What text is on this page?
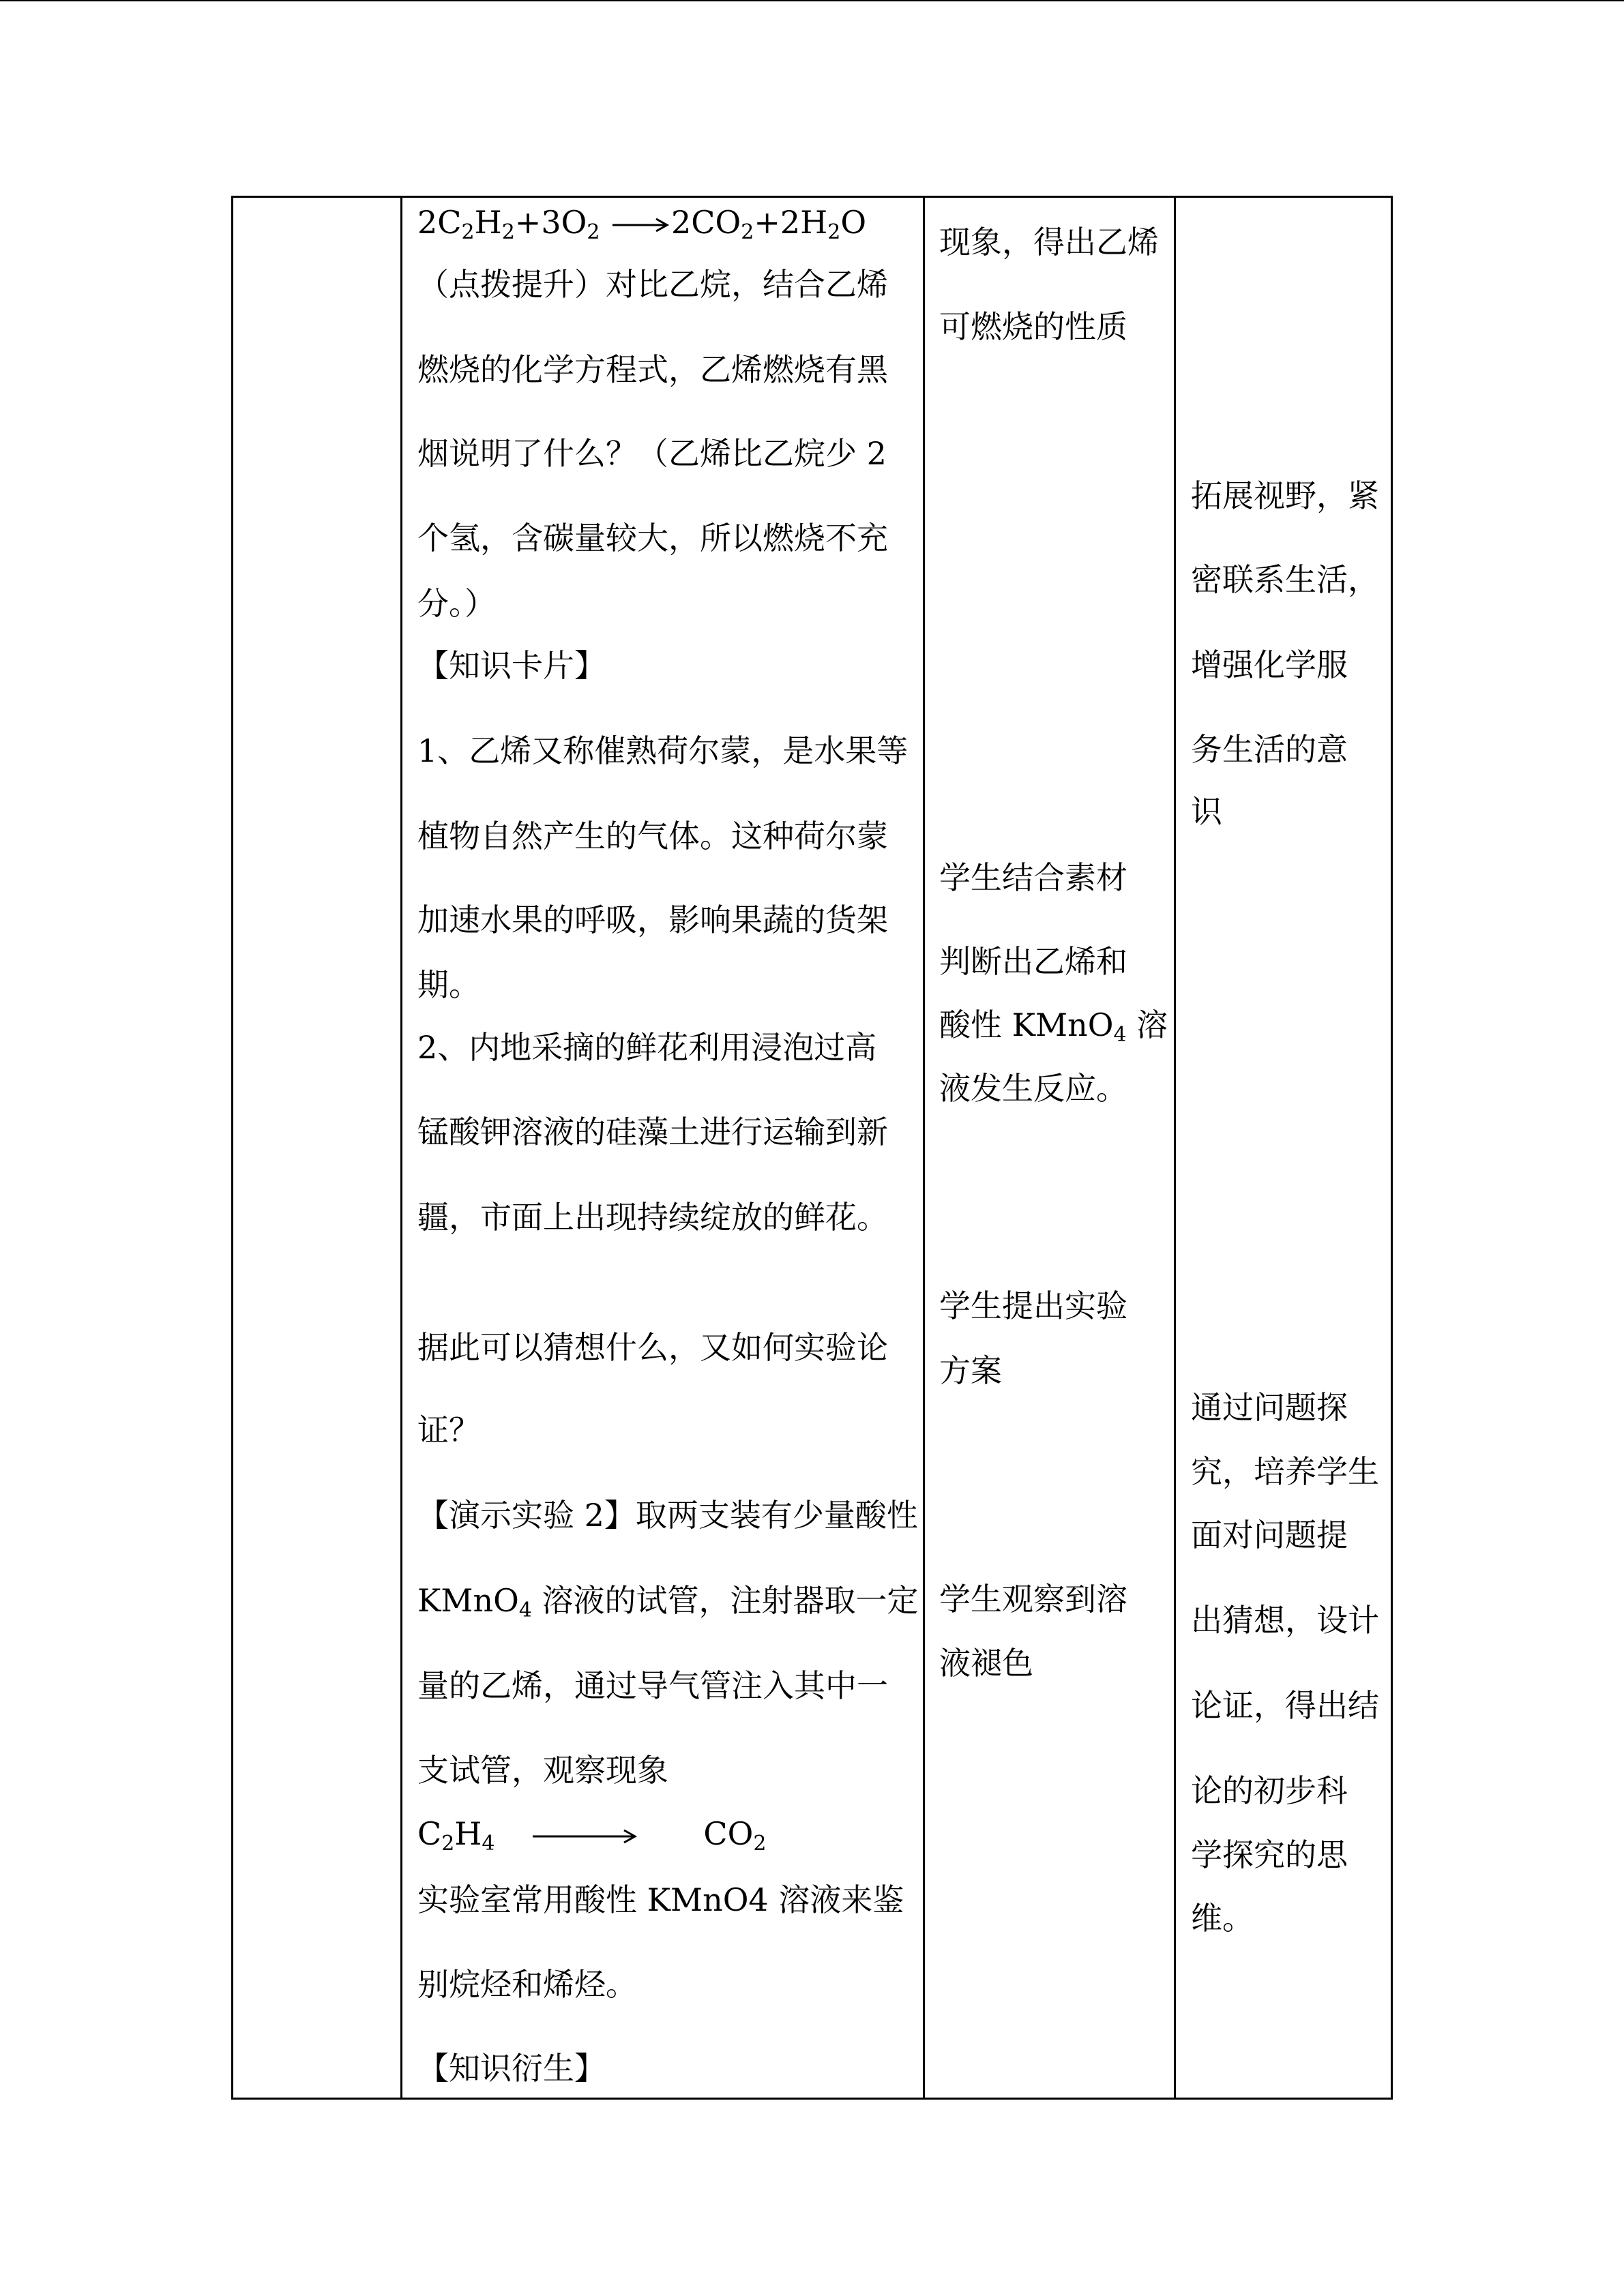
$2C_2H_2+3O_2 \to 2CO_2+2H_2O$
（点拨提升）对比乙烷，结合乙烯
燃烧的化学方程式，乙烯燃烧有黑
烟说明了什么？（乙烯比乙烷少 2
个氢，含碳量较大，所以燃烧不充
分。）
【知识卡片】
1、乙烯又称催熟荷尔蒙，是水果等
植物自然产生的气体。这种荷尔蒙
加速水果的呼吸，影响果蔬的货架
期。
2、内地采摘的鲜花利用浸泡过高
锰酸钾溶液的硅藻土进行运输到新
疆，市面上出现持续绽放的鲜花。
据此可以猜想什么，又如何实验论
证？
【演示实验 2】取两支装有少量酸性
KMnO$_4$ 溶液的试管，注射器取一定
量的乙烯，通过导气管注入其中一
支试管，观察现象
$C_2H_4 \to CO_2$
实验室常用酸性 KMnO4 溶液来鉴
别烷烃和烯烃。
【知识衍生】
现象，得出乙烯
可燃烧的性质
学生结合素材
判断出乙烯和
酸性 KMnO$_4$ 溶
液发生反应。
学生提出实验
方案
学生观察到溶
液褪色
拓展视野，紧
密联系生活，
增强化学服
务生活的意
识
通过问题探
究，培养学生
面对问题提
出猜想，设计
论证，得出结
论的初步科
学探究的思
维。
